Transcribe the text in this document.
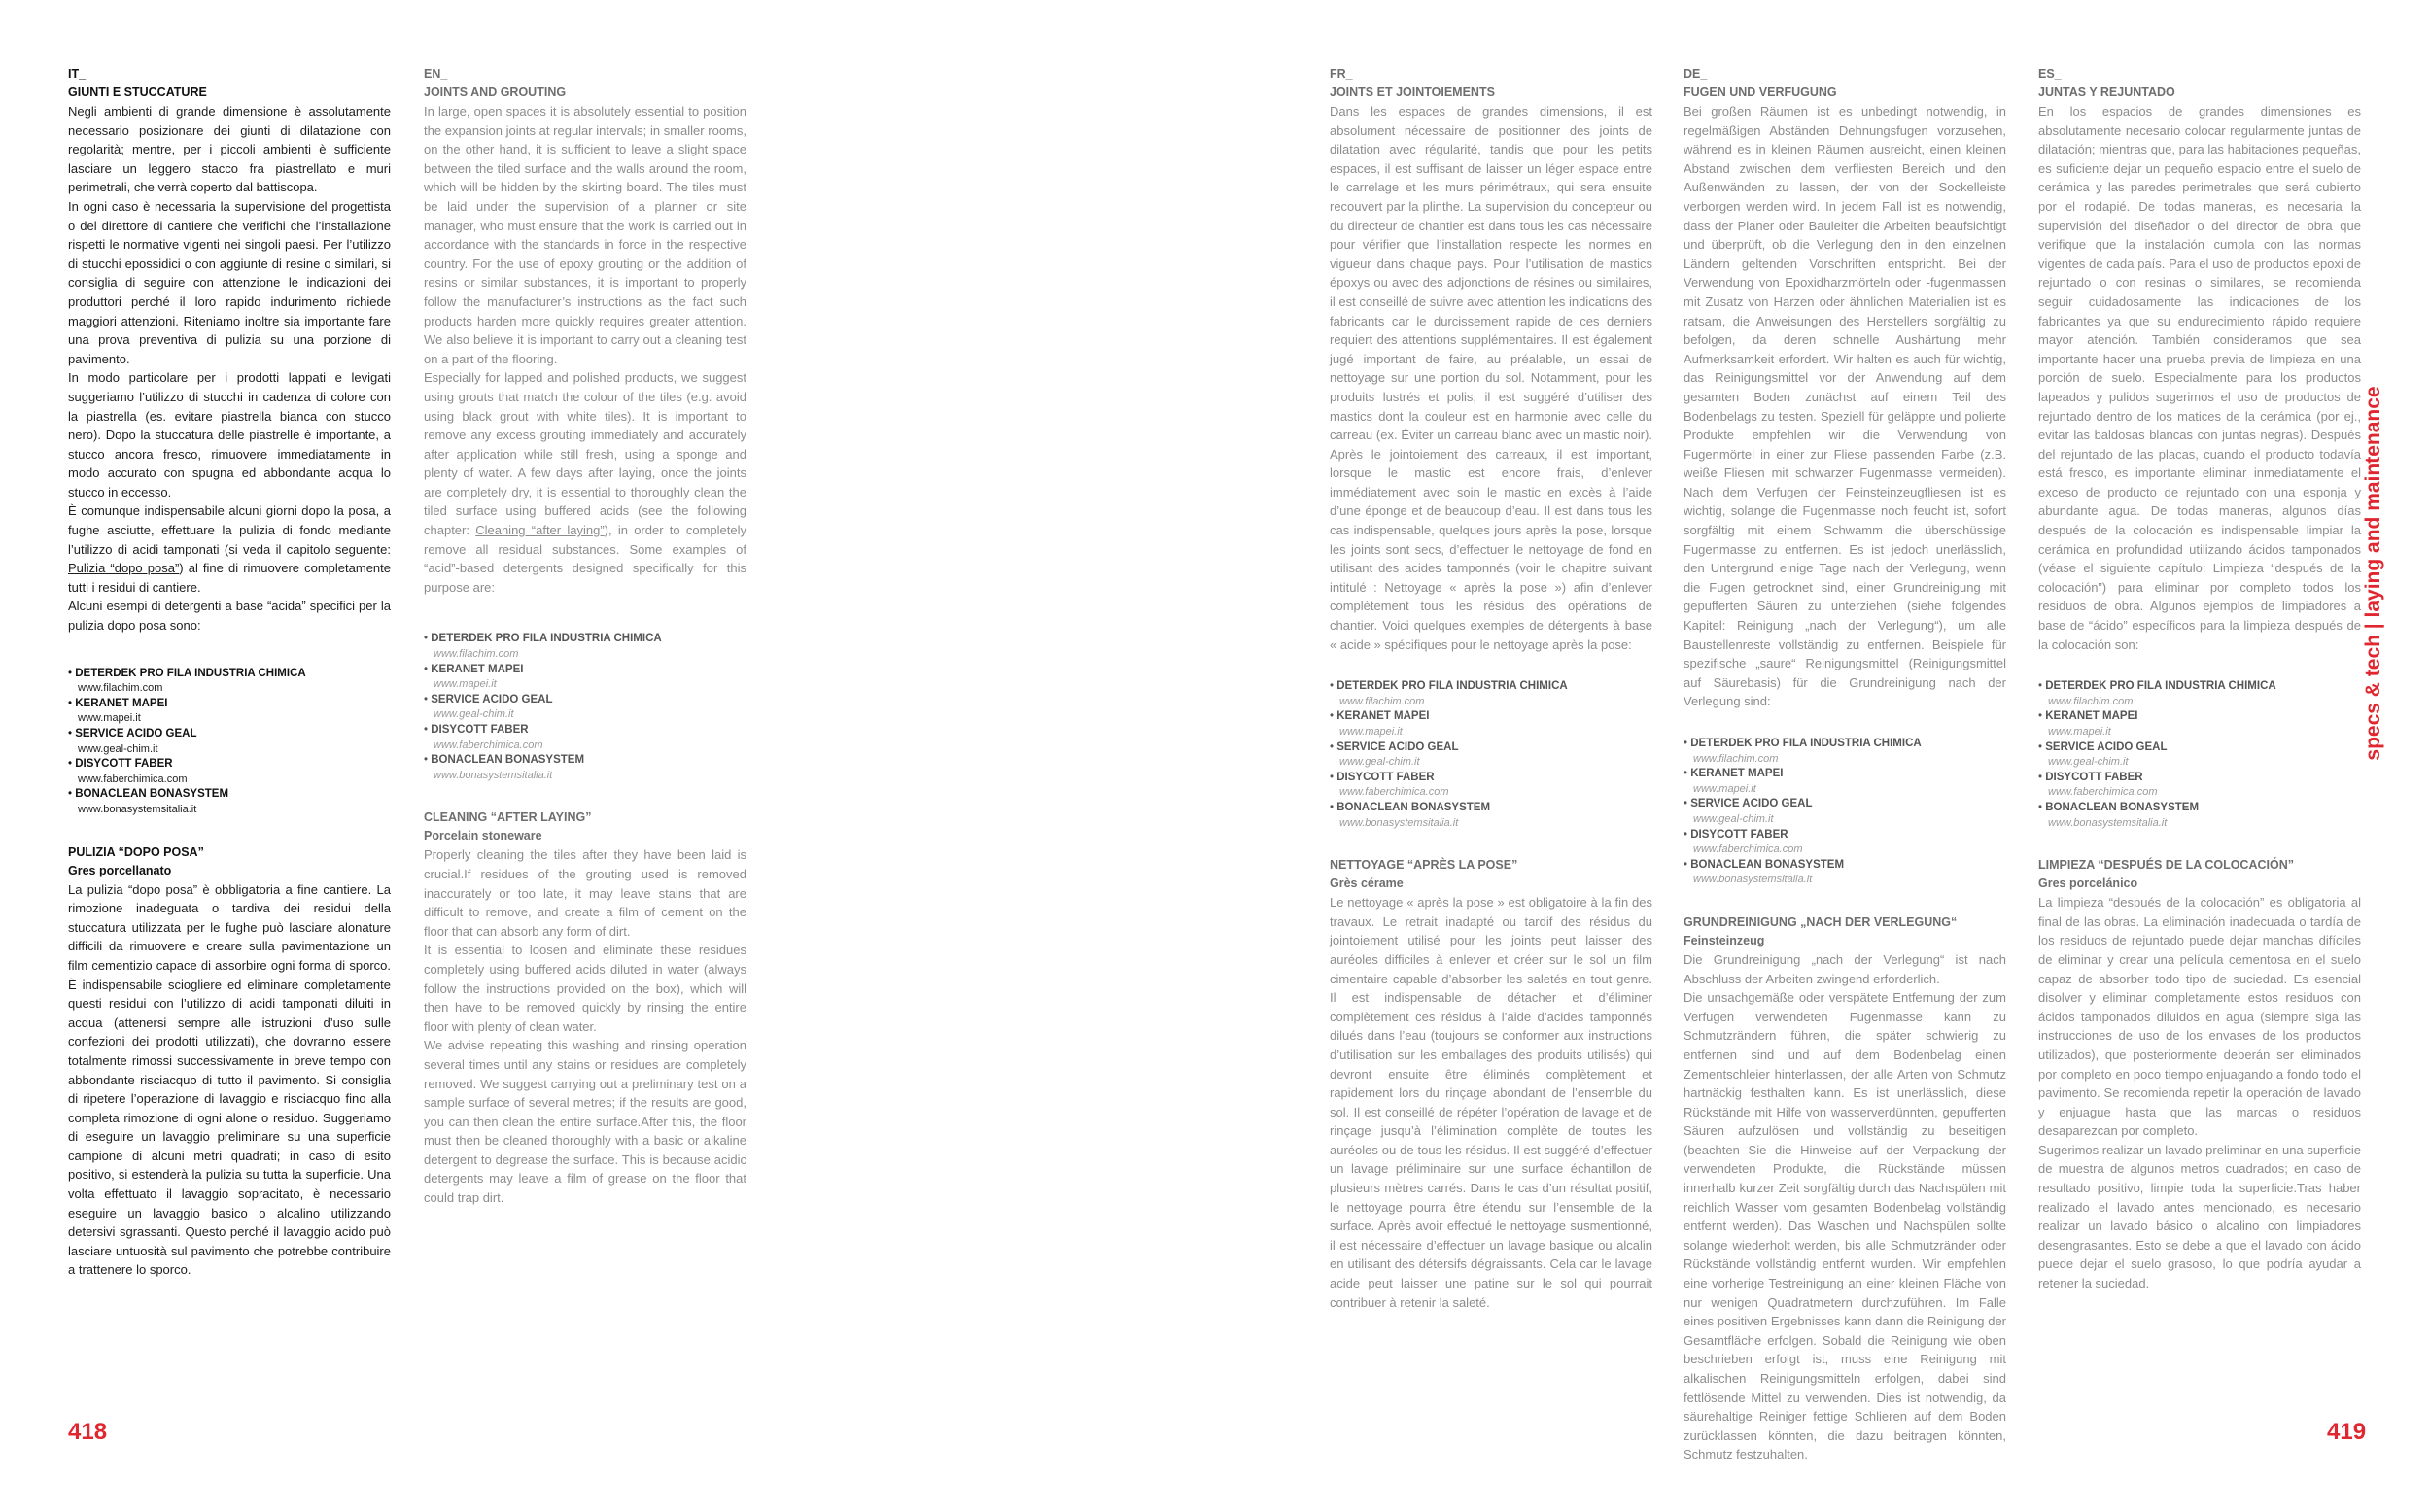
IT_

GIUNTI E STUCCATURE

Negli ambienti di grande dimensione è assolutamente necessario posizionare dei giunti di dilatazione con regolarità; mentre, per i piccoli ambienti è sufficiente lasciare un leggero stacco fra piastrellato e muri perimetrali, che verrà coperto dal battiscopa.

In ogni caso è necessaria la supervisione del progettista o del direttore di cantiere che verifichi che l’installazione rispetti le normative vigenti nei singoli paesi. Per l’utilizzo di stucchi epossidici o con aggiunte di resine o similari, si consiglia di seguire con attenzione le indicazioni dei produttori perché il loro rapido indurimento richiede maggiori attenzioni. Riteniamo inoltre sia importante fare una prova preventiva di pulizia su una porzione di pavimento.

In modo particolare per i prodotti lappati e levigati suggeriamo l’utilizzo di stucchi in cadenza di colore con la piastrella (es. evitare piastrella bianca con stucco nero). Dopo la stuccatura delle piastrelle è importante, a stucco ancora fresco, rimuovere immediatamente in modo accurato con spugna ed abbondante acqua lo stucco in eccesso.

È comunque indispensabile alcuni giorni dopo la posa, a fughe asciutte, effettuare la pulizia di fondo mediante l’utilizzo di acidi tamponati (si veda il capitolo seguente: Pulizia “dopo posa”) al fine di rimuovere completamente tutti i residui di cantiere.

Alcuni esempi di detergenti a base “acida” specifici per la pulizia dopo posa sono:

• DETERDEK PRO FILA INDUSTRIA CHIMICA
www.filachim.com
• KERANET MAPEI
www.mapei.it
• SERVICE ACIDO GEAL
www.geal-chim.it
• DISYCOTT FABER
www.faberchimica.com
• BONACLEAN BONASYSTEM
www.bonasystemsitalia.it

PULIZIA “DOPO POSA”

Gres porcellanato

La pulizia “dopo posa” è obbligatoria a fine cantiere. La rimozione inadeguata o tardiva dei residui della stuccatura utilizzata per le fughe può lasciare alonature difficili da rimuovere e creare sulla pavimentazione un film cementizio capace di assorbire ogni forma di sporco. È indispensabile sciogliere ed eliminare completamente questi residui con l’utilizzo di acidi tamponati diluiti in acqua (attenersi sempre alle istruzioni d’uso sulle confezioni dei prodotti utilizzati), che dovranno essere totalmente rimossi successivamente in breve tempo con abbondante risciacquo di tutto il pavimento. Si consiglia di ripetere l’operazione di lavaggio e risciacquo fino alla completa rimozione di ogni alone o residuo. Suggeriamo di eseguire un lavaggio preliminare su una superficie campione di alcuni metri quadrati; in caso di esito positivo, si estenderà la pulizia su tutta la superficie. Una volta effettuato il lavaggio sopracitato, è necessario eseguire un lavaggio basico o alcalino utilizzando detersivi sgrassanti. Questo perché il lavaggio acido può lasciare untuosità sul pavimento che potrebbe contribuire a trattenere lo sporco.

EN_

JOINTS AND GROUTING

In large, open spaces it is absolutely essential to position the expansion joints at regular intervals; in smaller rooms, on the other hand, it is sufficient to leave a slight space between the tiled surface and the walls around the room, which will be hidden by the skirting board. The tiles must be laid under the supervision of a planner or site manager, who must ensure that the work is carried out in accordance with the standards in force in the respective country. For the use of epoxy grouting or the addition of resins or similar substances, it is important to properly follow the manufacturer’s instructions as the fact such products harden more quickly requires greater attention. We also believe it is important to carry out a cleaning test on a part of the flooring.

Especially for lapped and polished products, we suggest using grouts that match the colour of the tiles (e.g. avoid using black grout with white tiles). It is important to remove any excess grouting immediately and accurately after application while still fresh, using a sponge and plenty of water. A few days after laying, once the joints are completely dry, it is essential to thoroughly clean the tiled surface using buffered acids (see the following chapter: Cleaning “after laying”), in order to completely remove all residual substances. Some examples of “acid”-based detergents designed specifically for this purpose are:

• DETERDEK PRO FILA INDUSTRIA CHIMICA
www.filachim.com
• KERANET MAPEI
www.mapei.it
• SERVICE ACIDO GEAL
www.geal-chim.it
• DISYCOTT FABER
www.faberchimica.com
• BONACLEAN BONASYSTEM
www.bonasystemsitalia.it

CLEANING “AFTER LAYING”

Porcelain stoneware

Properly cleaning the tiles after they have been laid is crucial.If residues of the grouting used is removed inaccurately or too late, it may leave stains that are difficult to remove, and create a film of cement on the floor that can absorb any form of dirt.

It is essential to loosen and eliminate these residues completely using buffered acids diluted in water (always follow the instructions provided on the box), which will then have to be removed quickly by rinsing the entire floor with plenty of clean water.

We advise repeating this washing and rinsing operation several times until any stains or residues are completely removed. We suggest carrying out a preliminary test on a sample surface of several metres; if the results are good, you can then clean the entire surface.After this, the floor must then be cleaned thoroughly with a basic or alkaline detergent to degrease the surface. This is because acidic detergents may leave a film of grease on the floor that could trap dirt.

FR_

JOINTS ET JOINTOIEMENTS

Dans les espaces de grandes dimensions, il est absolument nécessaire de positionner des joints de dilatation avec régularité, tandis que pour les petits espaces, il est suffisant de laisser un léger espace entre le carrelage et les murs périmétraux, qui sera ensuite recouvert par la plinthe. La supervision du concepteur ou du directeur de chantier est dans tous les cas nécessaire pour vérifier que l’installation respecte les normes en vigueur dans chaque pays. Pour l’utilisation de mastics époxys ou avec des adjonctions de résines ou similaires, il est conseillé de suivre avec attention les indications des fabricants car le durcissement rapide de ces derniers requiert des attentions supplémentaires. Il est également jugé important de faire, au préalable, un essai de nettoyage sur une portion du sol. Notamment, pour les produits lustrés et polis, il est suggéré d’utiliser des mastics dont la couleur est en harmonie avec celle du carreau (ex. Éviter un carreau blanc avec un mastic noir). Après le jointoiement des carreaux, il est important, lorsque le mastic est encore frais, d’enlever immédiatement avec soin le mastic en excès à l’aide d’une éponge et de beaucoup d’eau. Il est dans tous les cas indispensable, quelques jours après la pose, lorsque les joints sont secs, d’effectuer le nettoyage de fond en utilisant des acides tamponnés (voir le chapitre suivant intitulé : Nettoyage « après la pose ») afin d’enlever complètement tous les résidus des opérations de chantier. Voici quelques exemples de détergents à base « acide » spécifiques pour le nettoyage après la pose:

• DETERDEK PRO FILA INDUSTRIA CHIMICA
www.filachim.com
• KERANET MAPEI
www.mapei.it
• SERVICE ACIDO GEAL
www.geal-chim.it
• DISYCOTT FABER
www.faberchimica.com
• BONACLEAN BONASYSTEM
www.bonasystemsitalia.it

NETTOYAGE “APRÈS LA POSE”

Grès cérame

Le nettoyage « après la pose » est obligatoire à la fin des travaux. Le retrait inadapté ou tardif des résidus du jointoiement utilisé pour les joints peut laisser des auréoles difficiles à enlever et créer sur le sol un film cimentaire capable d’absorber les saletés en tout genre. Il est indispensable de détacher et d’éliminer complètement ces résidus à l’aide d’acides tamponnés dilués dans l’eau (toujours se conformer aux instructions d’utilisation sur les emballages des produits utilisés) qui devront ensuite être éliminés complètement et rapidement lors du rinçage abondant de l’ensemble du sol. Il est conseillé de répéter l’opération de lavage et de rinçage jusqu’à l’élimination complète de toutes les auréoles ou de tous les résidus. Il est suggéré d’effectuer un lavage préliminaire sur une surface échantillon de plusieurs mètres carrés. Dans le cas d’un résultat positif, le nettoyage pourra être étendu sur l’ensemble de la surface. Après avoir effectué le nettoyage susmentionné, il est nécessaire d’effectuer un lavage basique ou alcalin en utilisant des détersifs dégraissants. Cela car le lavage acide peut laisser une patine sur le sol qui pourrait contribuer à retenir la saleté.

DE_

FUGEN UND VERFUGUNG

Bei großen Räumen ist es unbedingt notwendig, in regelmäßigen Abständen Dehnungsfugen vorzusehen, während es in kleinen Räumen ausreicht, einen kleinen Abstand zwischen dem verfliesten Bereich und den Außenwänden zu lassen, der von der Sockelleiste verborgen werden wird. In jedem Fall ist es notwendig, dass der Planer oder Bauleiter die Arbeiten beaufsichtigt und überprüft, ob die Verlegung den in den einzelnen Ländern geltenden Vorschriften entspricht. Bei der Verwendung von Epoxidharzmörteln oder -fugenmassen mit Zusatz von Harzen oder ähnlichen Materialien ist es ratsam, die Anweisungen des Herstellers sorgfältig zu befolgen, da deren schnelle Aushärtung mehr Aufmerksamkeit erfordert. Wir halten es auch für wichtig, das Reinigungsmittel vor der Anwendung auf dem gesamten Boden zunächst auf einem Teil des Bodenbelags zu testen. Speziell für geläppte und polierte Produkte empfehlen wir die Verwendung von Fugenmörtel in einer zur Fliese passenden Farbe (z.B. weiße Fliesen mit schwarzer Fugenmasse vermeiden). Nach dem Verfugen der Feinsteinzeugfliesen ist es wichtig, solange die Fugenmasse noch feucht ist, sofort sorgfältig mit einem Schwamm die überschüssige Fugenmasse zu entfernen. Es ist jedoch unerlässlich, den Untergrund einige Tage nach der Verlegung, wenn die Fugen getrocknet sind, einer Grundreinigung mit gepufferten Säuren zu unterziehen (siehe folgendes Kapitel: Reinigung „nach der Verlegung“), um alle Baustellenreste vollständig zu entfernen. Beispiele für spezifische „saure“ Reinigungsmittel (Reinigungsmittel auf Säurebasis) für die Grundreinigung nach der Verlegung sind:

• DETERDEK PRO FILA INDUSTRIA CHIMICA
www.filachim.com
• KERANET MAPEI
www.mapei.it
• SERVICE ACIDO GEAL
www.geal-chim.it
• DISYCOTT FABER
www.faberchimica.com
• BONACLEAN BONASYSTEM
www.bonasystemsitalia.it

GRUNDREINIGUNG „NACH DER VERLEGUNG“

Feinsteinzeug

Die Grundreinigung „nach der Verlegung“ ist nach Abschluss der Arbeiten zwingend erforderlich.

Die unsachgemäße oder verspätete Entfernung der zum Verfugen verwendeten Fugenmasse kann zu Schmutzrändern führen, die später schwierig zu entfernen sind und auf dem Bodenbelag einen Zementschleier hinterlassen, der alle Arten von Schmutz hartnäckig festhalten kann. Es ist unerlässlich, diese Rückstände mit Hilfe von wasserverdünnten, gepufferten Säuren aufzulösen und vollständig zu beseitigen (beachten Sie die Hinweise auf der Verpackung der verwendeten Produkte, die Rückstände müssen innerhalb kurzer Zeit sorgfältig durch das Nachspülen mit reichlich Wasser vom gesamten Bodenbelag vollständig entfernt werden). Das Waschen und Nachspülen sollte solange wiederholt werden, bis alle Schmutzränder oder Rückstände vollständig entfernt wurden. Wir empfehlen eine vorherige Testreinigung an einer kleinen Fläche von nur wenigen Quadratmetern durchzuführen. Im Falle eines positiven Ergebnisses kann dann die Reinigung der Gesamtfläche erfolgen. Sobald die Reinigung wie oben beschrieben erfolgt ist, muss eine Reinigung mit alkalischen Reinigungsmitteln erfolgen, dabei sind fettlösende Mittel zu verwenden. Dies ist notwendig, da säurehaltige Reiniger fettige Schlieren auf dem Boden zurücklassen könnten, die dazu beitragen könnten, Schmutz festzuhalten.

ES_

JUNTAS Y REJUNTADO

En los espacios de grandes dimensiones es absolutamente necesario colocar regularmente juntas de dilatación; mientras que, para las habitaciones pequeñas, es suficiente dejar un pequeño espacio entre el suelo de cerámica y las paredes perimetrales que será cubierto por el rodapié. De todas maneras, es necesaria la supervisión del diseñador o del director de obra que verifique que la instalación cumpla con las normas vigentes de cada país. Para el uso de productos epoxi de rejuntado o con resinas o similares, se recomienda seguir cuidadosamente las indicaciones de los fabricantes ya que su endurecimiento rápido requiere mayor atención. También consideramos que sea importante hacer una prueba previa de limpieza en una porción de suelo. Especialmente para los productos lapeados y pulidos sugerimos el uso de productos de rejuntado dentro de los matices de la cerámica (por ej., evitar las baldosas blancas con juntas negras). Después del rejuntado de las placas, cuando el producto todavía está fresco, es importante eliminar inmediatamente el exceso de producto de rejuntado con una esponja y abundante agua. De todas maneras, algunos días después de la colocación es indispensable limpiar la cerámica en profundidad utilizando ácidos tamponados (véase el siguiente capítulo: Limpieza “después de la colocación”) para eliminar por completo todos los residuos de obra. Algunos ejemplos de limpiadores a base de “ácido” específicos para la limpieza después de la colocación son:

• DETERDEK PRO FILA INDUSTRIA CHIMICA
www.filachim.com
• KERANET MAPEI
www.mapei.it
• SERVICE ACIDO GEAL
www.geal-chim.it
• DISYCOTT FABER
www.faberchimica.com
• BONACLEAN BONASYSTEM
www.bonasystemsitalia.it

LIMPIEZA “DESPUÉS DE LA COLOCACIÓN”

Gres porcelánico

La limpieza “después de la colocación” es obligatoria al final de las obras. La eliminación inadecuada o tardía de los residuos de rejuntado puede dejar manchas difíciles de eliminar y crear una película cementosa en el suelo capaz de absorber todo tipo de suciedad. Es esencial disolver y eliminar completamente estos residuos con ácidos tamponados diluidos en agua (siempre siga las instrucciones de uso de los envases de los productos utilizados), que posteriormente deberán ser eliminados por completo en poco tiempo enjuagando a fondo todo el pavimento. Se recomienda repetir la operación de lavado y enjuague hasta que las marcas o residuos desaparezcan por completo.

Sugerimos realizar un lavado preliminar en una superficie de muestra de algunos metros cuadrados; en caso de resultado positivo, limpie toda la superficie.Tras haber realizado el lavado antes mencionado, es necesario realizar un lavado básico o alcalino con limpiadores desengrasantes. Esto se debe a que el lavado con ácido puede dejar el suelo grasoso, lo que podría ayudar a retener la suciedad.

418	419
specs & tech | laying and maintenance
